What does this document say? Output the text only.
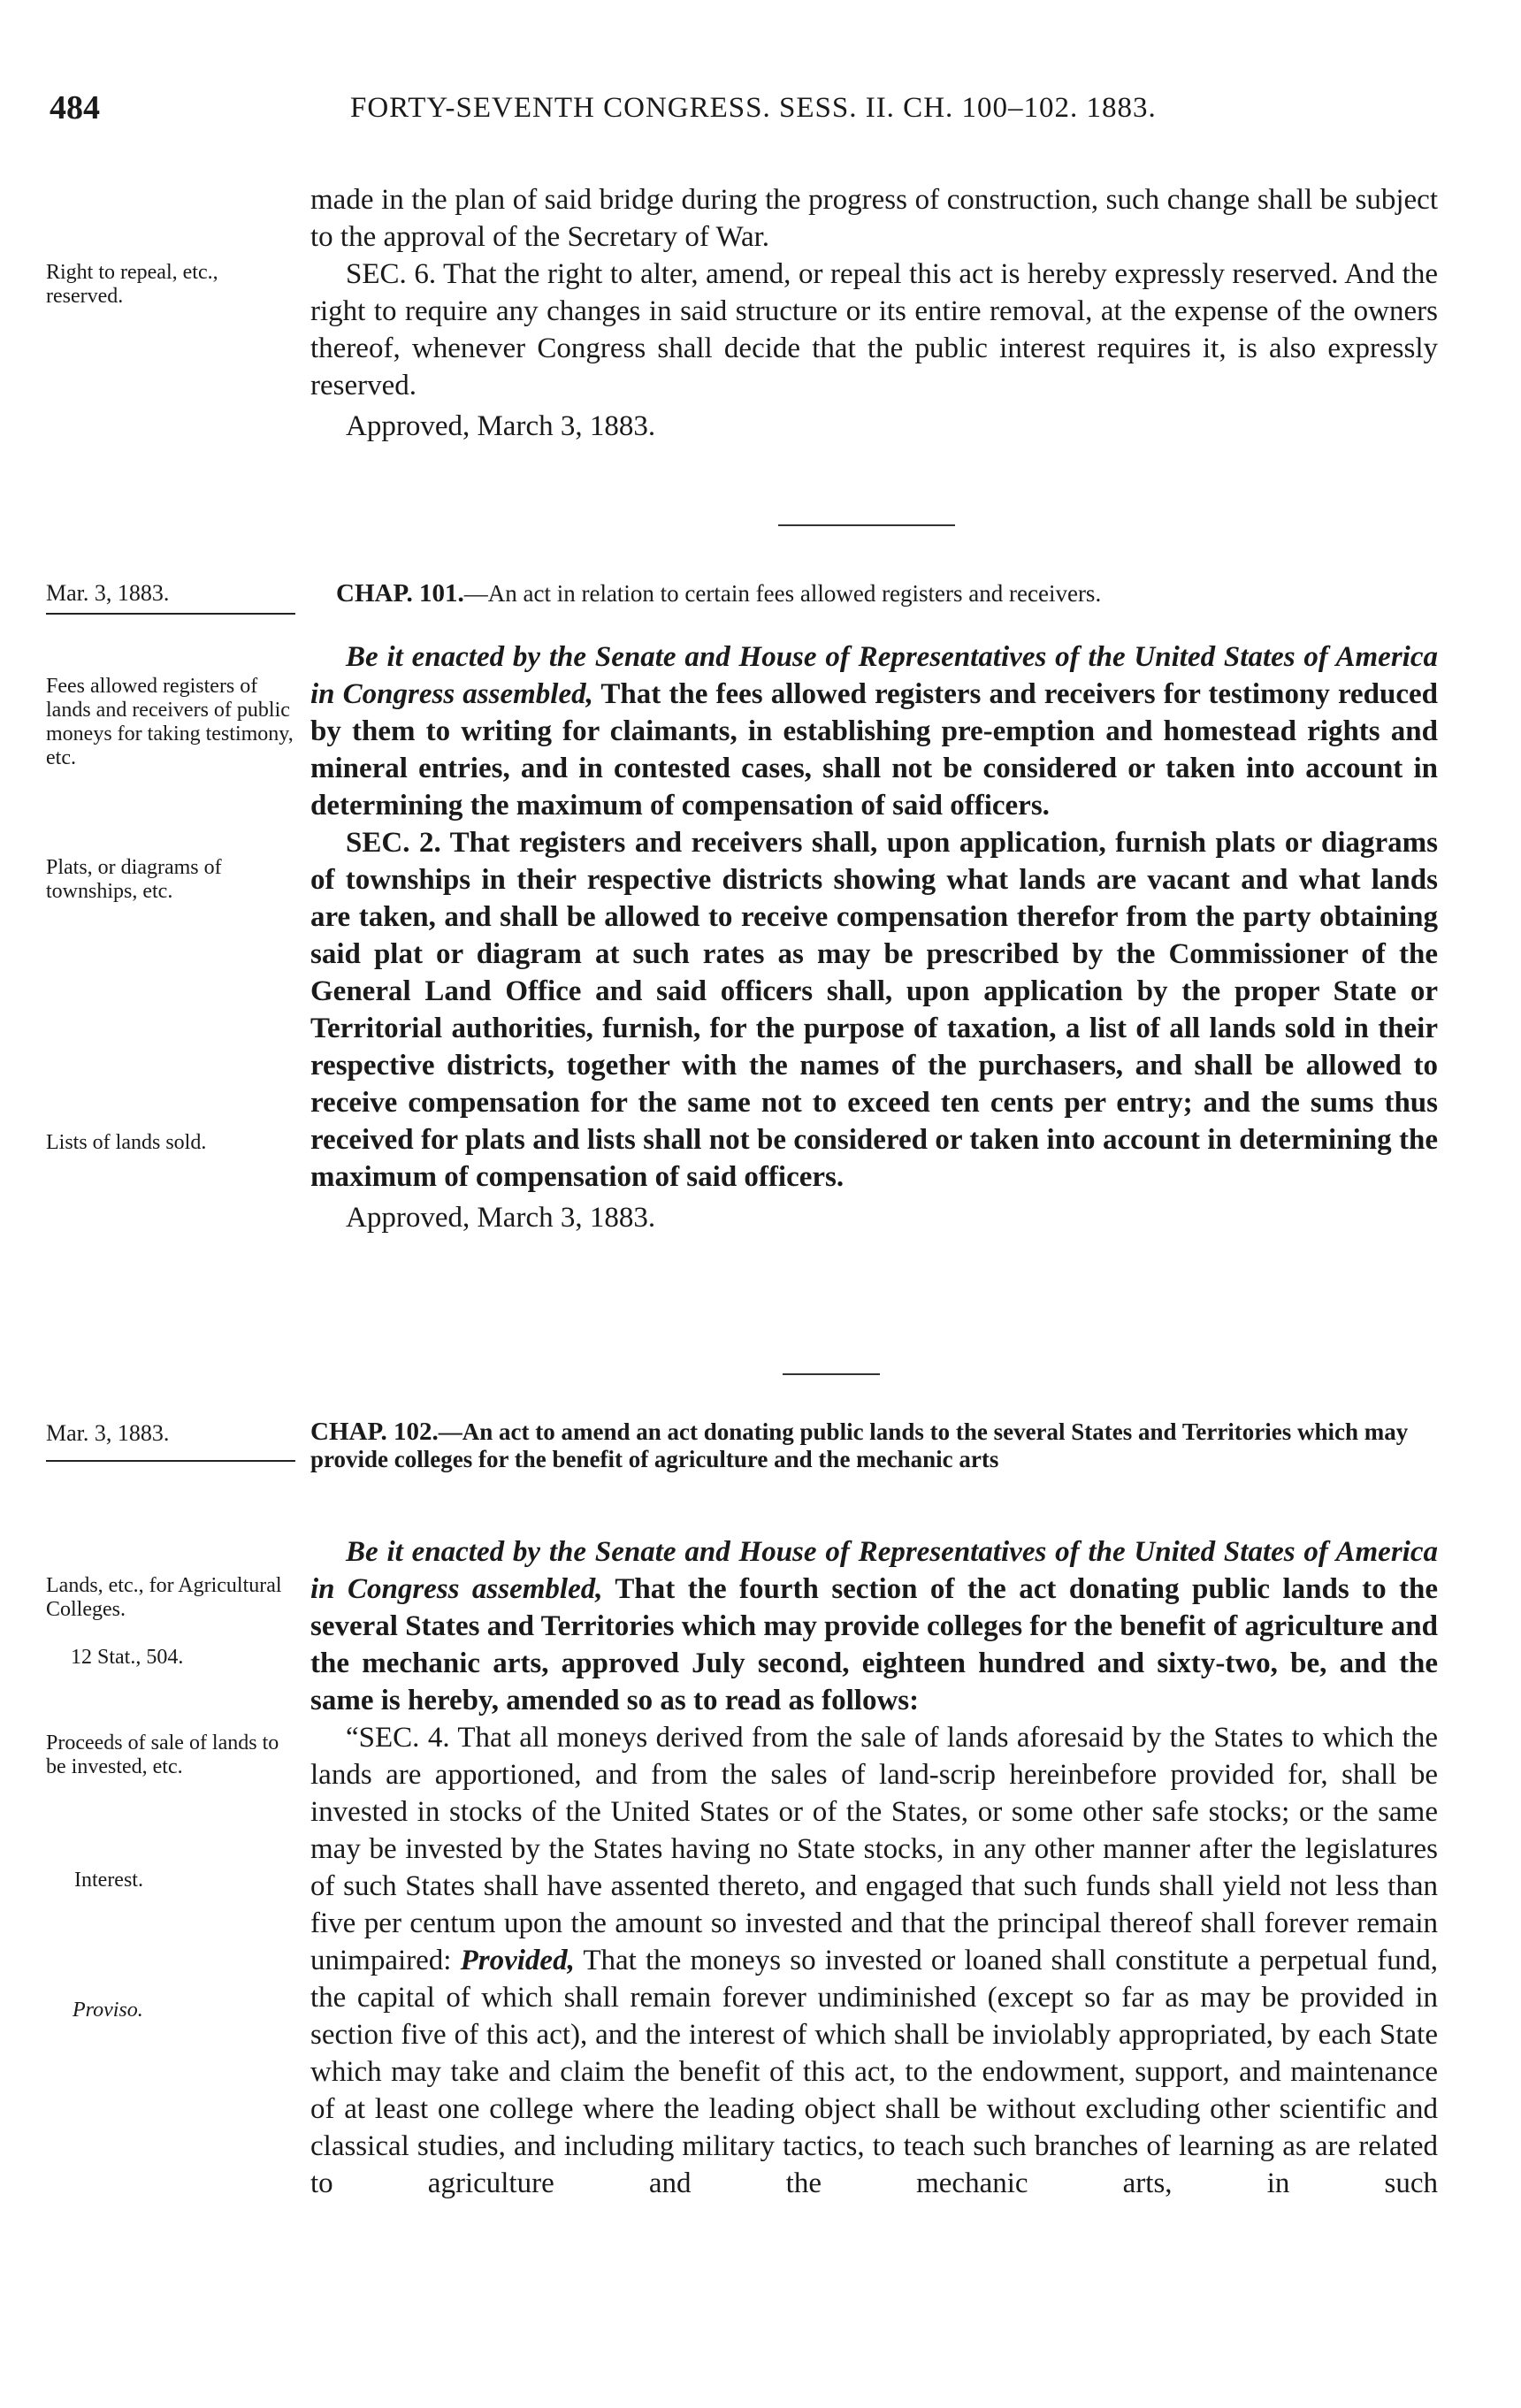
484	FORTY-SEVENTH CONGRESS. SESS. II. CH. 100–102. 1883.

made in the plan of said bridge during the progress of construction, such change shall be subject to the approval of the Secretary of War.

Right to repeal, etc., reserved.

SEC. 6. That the right to alter, amend, or repeal this act is hereby expressly reserved. And the right to require any changes in said structure or its entire removal, at the expense of the owners thereof, whenever Congress shall decide that the public interest requires it, is also expressly reserved.

Approved, March 3, 1883.

Mar. 3, 1883.	CHAP. 101.—An act in relation to certain fees allowed registers and receivers.
Fees allowed registers of lands and receivers of public moneys for taking testimony, etc.
Plats, or diagrams of townships, etc.
Lists of lands sold.

Be it enacted by the Senate and House of Representatives of the United States of America in Congress assembled, That the fees allowed registers and receivers for testimony reduced by them to writing for claimants, in establishing pre-emption and homestead rights and mineral entries, and in contested cases, shall not be considered or taken into account in determining the maximum of compensation of said officers.

SEC. 2. That registers and receivers shall, upon application, furnish plats or diagrams of townships in their respective districts showing what lands are vacant and what lands are taken, and shall be allowed to receive compensation therefor from the party obtaining said plat or diagram at such rates as may be prescribed by the Commissioner of the General Land Office and said officers shall, upon application by the proper State or Territorial authorities, furnish, for the purpose of taxation, a list of all lands sold in their respective districts, together with the names of the purchasers, and shall be allowed to receive compensation for the same not to exceed ten cents per entry; and the sums thus received for plats and lists shall not be considered or taken into account in determining the maximum of compensation of said officers.

Approved, March 3, 1883.

Mar. 3, 1883.	CHAP. 102.—An act to amend an act donating public lands to the several States and Territories which may provide colleges for the benefit of agriculture and the mechanic arts
Lands, etc., for Agricultural Colleges.
12 Stat., 504.
Proceeds of sale of lands to be invested, etc.
Interest.
Proviso.

Be it enacted by the Senate and House of Representatives of the United States of America in Congress assembled, That the fourth section of the act donating public lands to the several States and Territories which may provide colleges for the benefit of agriculture and the mechanic arts, approved July second, eighteen hundred and sixty-two, be, and the same is hereby, amended so as to read as follows:

“SEC. 4. That all moneys derived from the sale of lands aforesaid by the States to which the lands are apportioned, and from the sales of land-scrip hereinbefore provided for, shall be invested in stocks of the United States or of the States, or some other safe stocks; or the same may be invested by the States having no State stocks, in any other manner after the legislatures of such States shall have assented thereto, and engaged that such funds shall yield not less than five per centum upon the amount so invested and that the principal thereof shall forever remain unimpaired: Provided, That the moneys so invested or loaned shall constitute a perpetual fund, the capital of which shall remain forever undiminished (except so far as may be provided in section five of this act), and the interest of which shall be inviolably appropriated, by each State which may take and claim the benefit of this act, to the endowment, support, and maintenance of at least one college where the leading object shall be without excluding other scientific and classical studies, and including military tactics, to teach such branches of learning as are related to agriculture and the mechanic arts, in such
